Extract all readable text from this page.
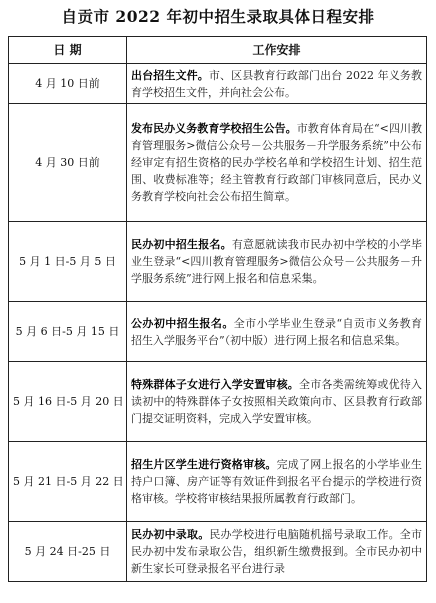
自贡市 2022 年初中招生录取具体日程安排
日 期	工作安排
4 月 10 日前	出台招生文件。市、区县教育行政部门出台 2022 年义务教育学校招生文件，并向社会公布。
4 月 30 日前	发布民办义务教育学校招生公告。市教育体育局在“<四川教育管理服务>微信公众号－公共服务－升学服务系统”中公布经审定有招生资格的民办学校名单和学校招生计划、招生范围、收费标准等；经主管教育行政部门审核同意后，民办义务教育学校向社会公布招生简章。
5 月 1 日-5 月 5 日	民办初中招生报名。有意愿就读我市民办初中学校的小学毕业生登录“<四川教育管理服务>微信公众号－公共服务－升学服务系统”进行网上报名和信息采集。
5 月 6 日-5 月 15 日	公办初中招生报名。全市小学毕业生登录“自贡市义务教育招生入学服务平台”（初中版）进行网上报名和信息采集。
5 月 16 日-5 月 20 日	特殊群体子女进行入学安置审核。全市各类需统筹或优待入读初中的特殊群体子女按照相关政策向市、区县教育行政部门提交证明资料，完成入学安置审核。
5 月 21 日-5 月 22 日	招生片区学生进行资格审核。完成了网上报名的小学毕业生持户口簿、房产证等有效证件到报名平台提示的学校进行资格审核。学校将审核结果报所属教育行政部门。
5 月 24 日-25 日	民办初中录取。民办学校进行电脑随机摇号录取工作。全市民办初中发布录取公告，组织新生缴费报到。全市民办初中新生家长可登录报名平台进行录
